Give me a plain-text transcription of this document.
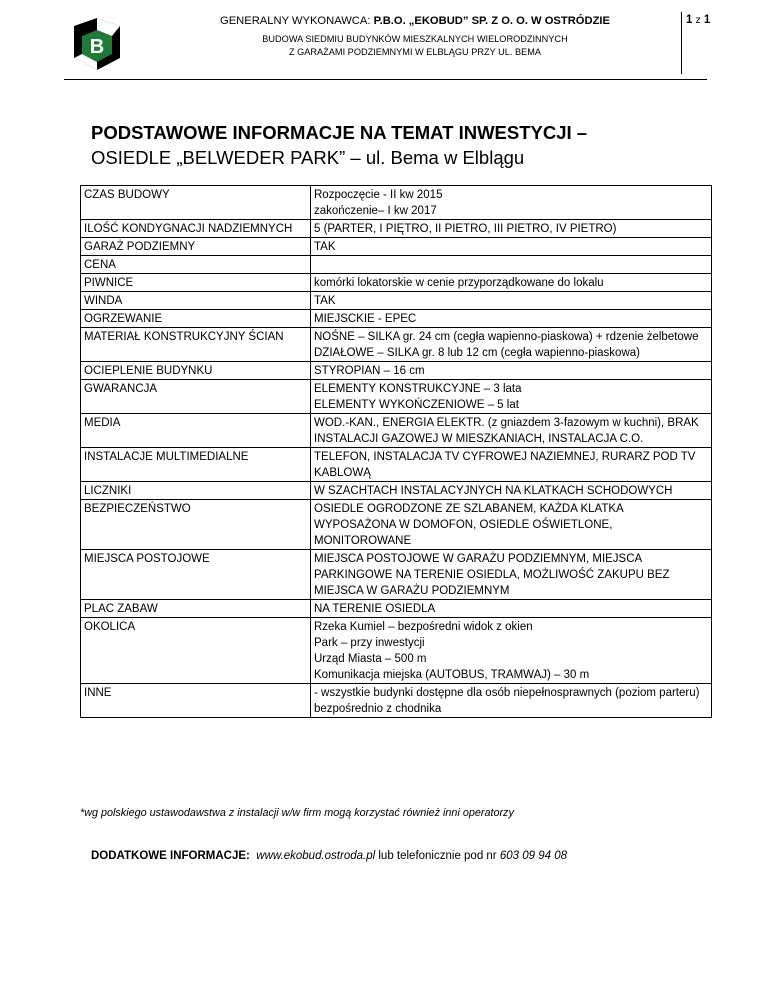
B
GENERALNY WYKONAWCA: P.B.O. „EKOBUD” SP. Z O. O. W OSTRÓDZIE
BUDOWA SIEDMIU BUDYNKÓW MIESZKALNYCH WIELORODZINNYCH
Z GARAŻAMI PODZIEMNYMI W ELBLĄGU PRZY UL. BEMA
1 z 1
PODSTAWOWE INFORMACJE NA TEMAT INWESTYCJI –
OSIEDLE „BELWEDER PARK” – ul. Bema w Elblągu
CZAS BUDOWY	Rozpoczęcie - II kw 2015
zakończenie– I kw 2017
ILOŚĆ KONDYGNACJI NADZIEMNYCH	5 (PARTER, I PIĘTRO, II PIETRO, III PIETRO, IV PIETRO)
GARAŻ PODZIEMNY	TAK
CENA	
PIWNICE	komórki lokatorskie w cenie przyporządkowane do lokalu
WINDA	TAK
OGRZEWANIE	MIEJSCKIE - EPEC
MATERIAŁ KONSTRUKCYJNY ŚCIAN	NOŚNE – SILKA gr. 24 cm (cegła wapienno-piaskowa) + rdzenie żelbetowe
DZIAŁOWE – SILKA gr. 8 lub 12 cm (cegła wapienno-piaskowa)
OCIEPLENIE BUDYNKU	STYROPIAN – 16 cm
GWARANCJA	ELEMENTY KONSTRUKCYJNE – 3 lata
ELEMENTY WYKOŃCZENIOWE – 5 lat
MEDIA	WOD.-KAN., ENERGIA ELEKTR. (z gniazdem 3-fazowym w kuchni), BRAK INSTALACJI GAZOWEJ W MIESZKANIACH, INSTALACJA C.O.
INSTALACJE MULTIMEDIALNE	TELEFON, INSTALACJA TV CYFROWEJ NAZIEMNEJ, RURARZ POD TV KABLOWĄ
LICZNIKI	W SZACHTACH INSTALACYJNYCH NA KLATKACH SCHODOWYCH
BEZPIECZEŃSTWO	OSIEDLE OGRODZONE ZE SZLABANEM, KAŻDA KLATKA WYPOSAŻONA W DOMOFON, OSIEDLE OŚWIETLONE, MONITOROWANE
MIEJSCA POSTOJOWE	MIEJSCA POSTOJOWE W GARAŻU PODZIEMNYM, MIEJSCA PARKINGOWE NA TERENIE OSIEDLA, MOŻLIWOŚĆ ZAKUPU BEZ MIEJSCA W GARAŻU PODZIEMNYM
PLAC ZABAW	NA TERENIE OSIEDLA
OKOLICA	Rzeka Kumiel – bezpośredni widok z okien
Park – przy inwestycji
Urząd Miasta – 500 m
Komunikacja miejska (AUTOBUS, TRAMWAJ) – 30 m

INNE	- wszystkie budynki dostępne dla osób niepełnosprawnych (poziom parteru) bezpośrednio z chodnika
*wg polskiego ustawodawstwa z instalacji w/w firm mogą korzystać również inni operatorzy
DODATKOWE INFORMACJE: www.ekobud.ostroda.pl lub telefonicznie pod nr 603 09 94 08
